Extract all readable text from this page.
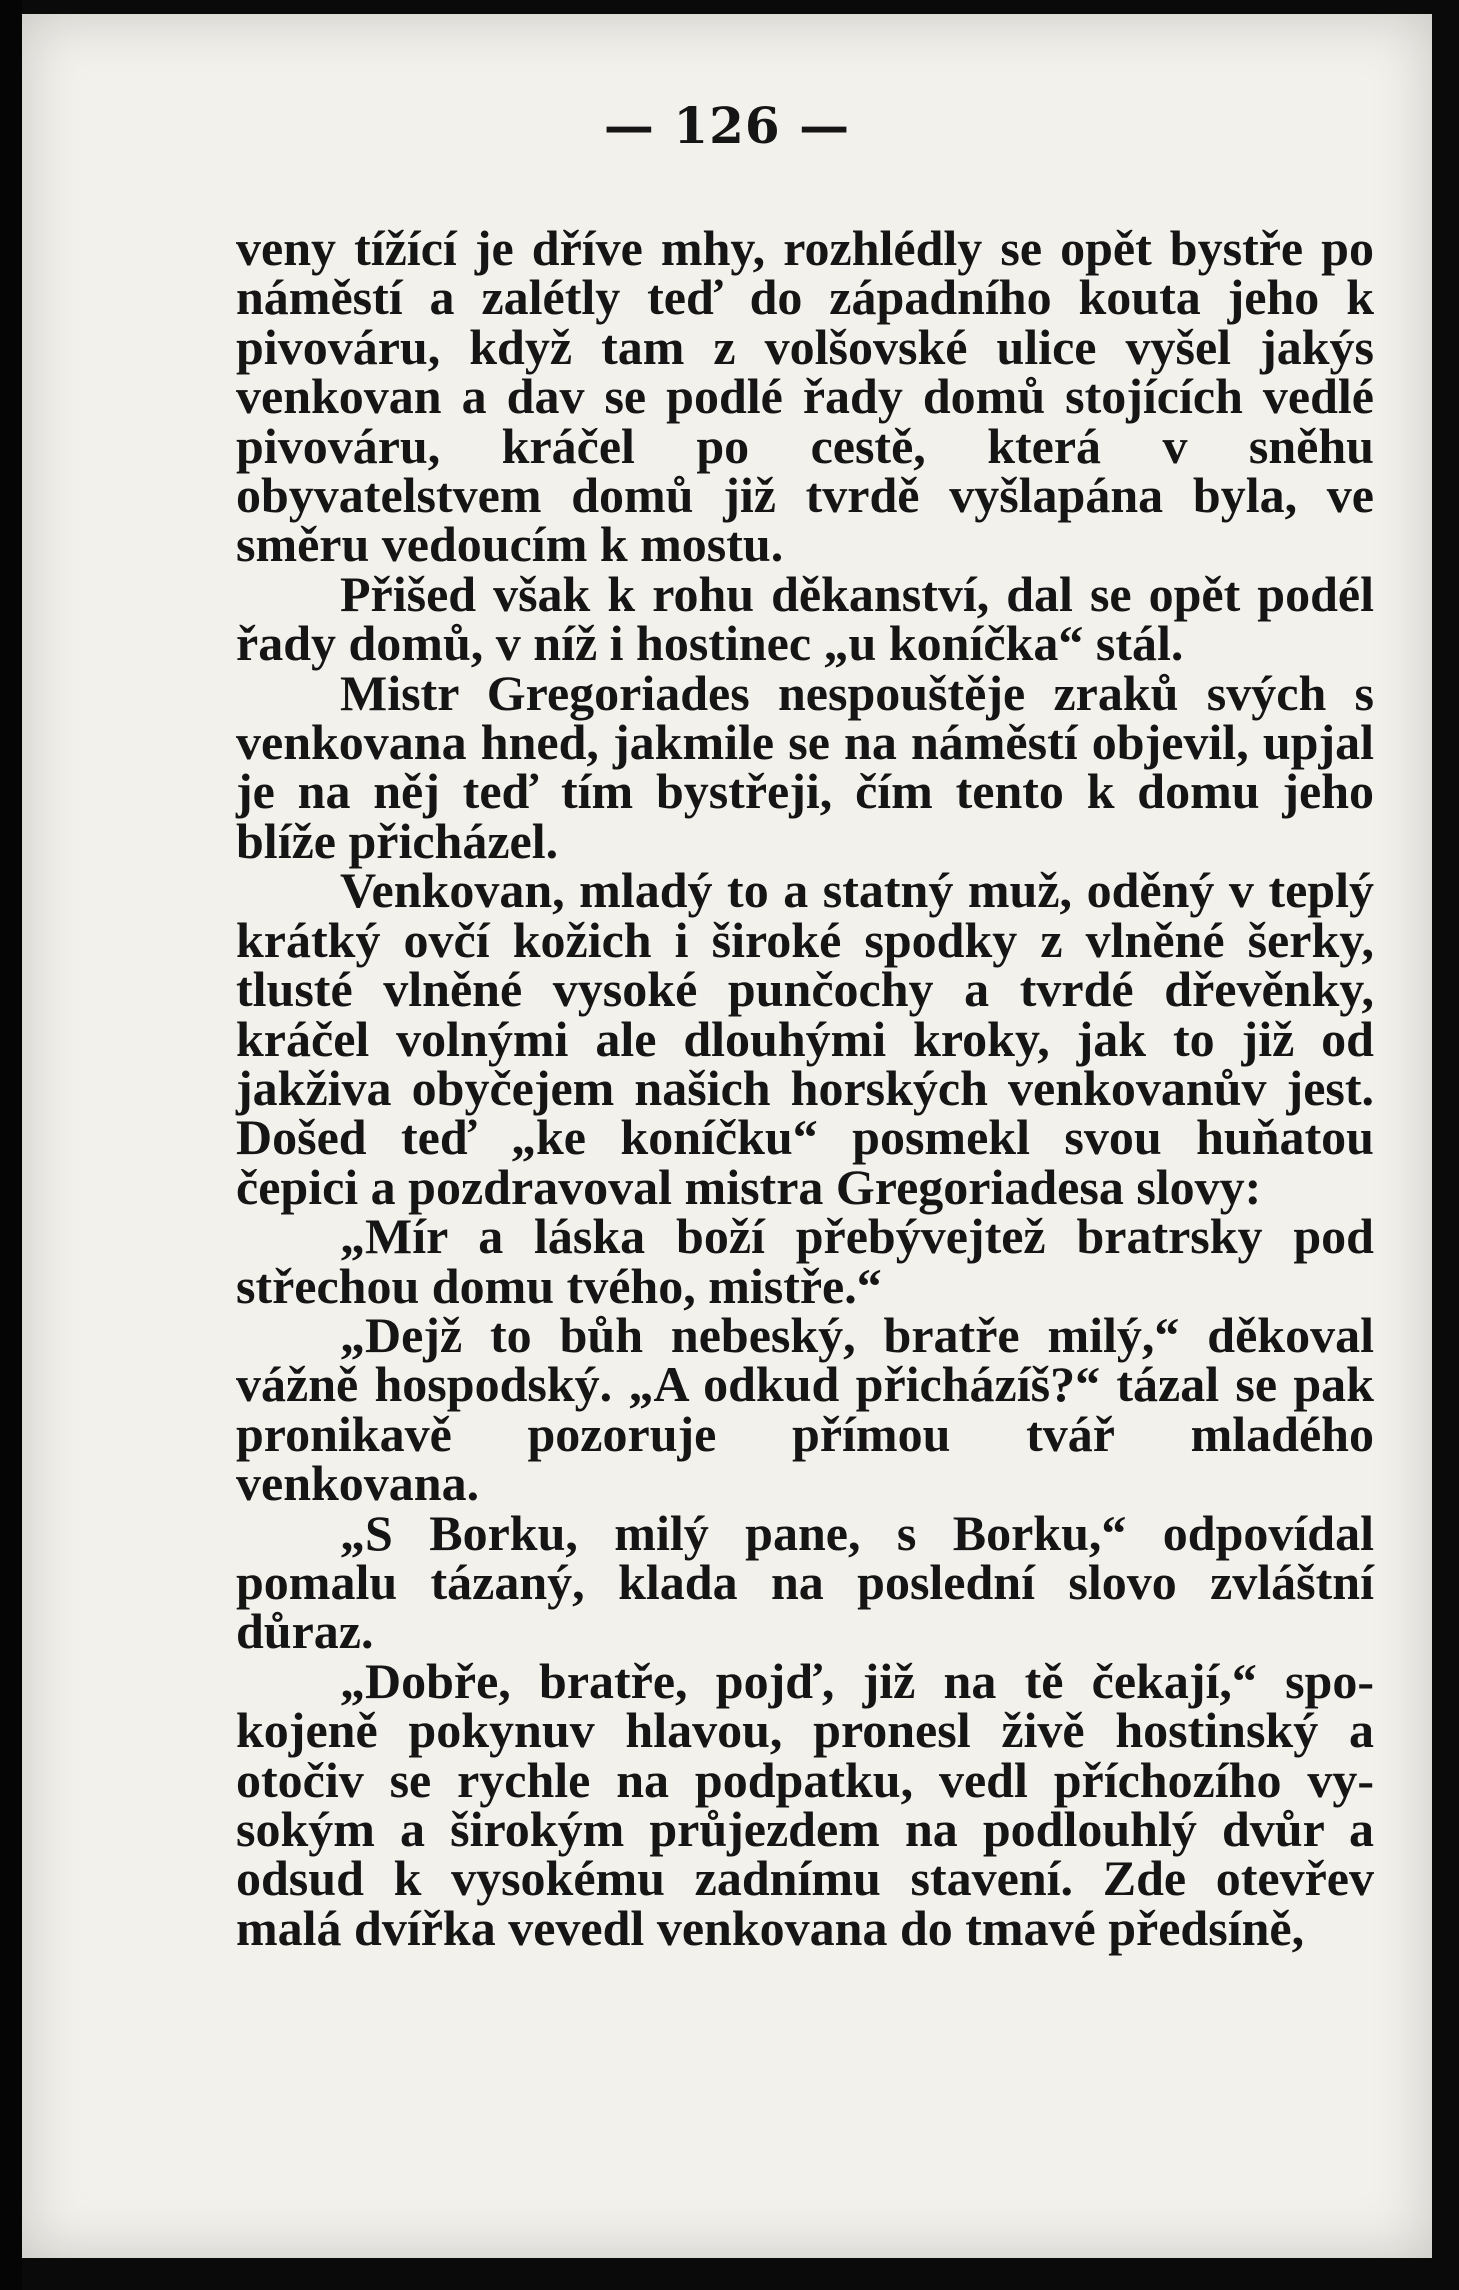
— 126 —

veny tížící je dříve mhy, rozhlédly se opět bystře po náměstí a zalétly teď do západního kouta jeho k pivováru, když tam z volšovské ulice vyšel jakýs venkovan a dav se podlé řady domů stojících vedlé pivováru, kráčel po cestě, která v sněhu obyvatelstvem domů již tvrdě vyšlapána byla, ve směru vedoucím k mostu.

Přišed však k rohu děkanství, dal se opět podél řady domů, v níž i hostinec „u koníčka“ stál.

Mistr Gregoriades nespouštěje zraků svých s venkovana hned, jakmile se na náměstí objevil, upjal je na něj teď tím bystřeji, čím tento k domu jeho blíže přicházel.

Venkovan, mladý to a statný muž, oděný v teplý krátký ovčí kožich i široké spodky z vlněné šerky, tlusté vlněné vysoké punčochy a tvrdé dřevěnky, kráčel volnými ale dlouhými kroky, jak to již od jakživa obyčejem našich horských venkovanův jest. Došed teď „ke koníčku“ posmekl svou huňatou čepici a pozdravoval mistra Gregoriadesa slovy:

„Mír a láska boží přebývejtež bratrsky pod střechou domu tvého, mistře.“

„Dejž to bůh nebeský, bratře milý,“ děkoval vážně hospodský. „A odkud přicházíš?“ tázal se pak pronikavě pozoruje přímou tvář mladého venkovana.

„S Borku, milý pane, s Borku,“ odpovídal pomalu tázaný, klada na poslední slovo zvláštní důraz.

„Dobře, bratře, pojď, již na tě čekají,“ spokojeně pokynuv hlavou, pronesl živě hostinský a otočiv se rychle na podpatku, vedl příchozího vysokým a širokým průjezdem na podlouhlý dvůr a odsud k vysokému zadnímu stavení. Zde otevřev malá dvířka vevedl venkovana do tmavé předsíně,
